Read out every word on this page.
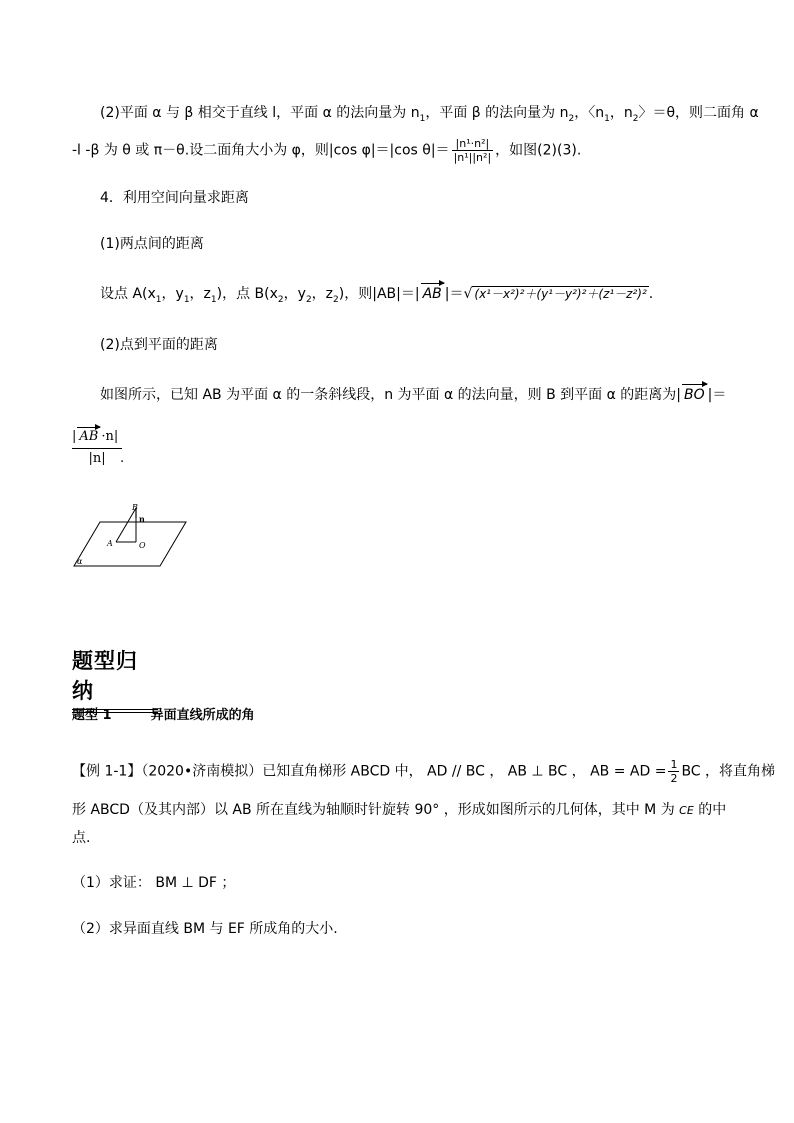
(2)平面 α 与 β 相交于直线 l，平面 α 的法向量为 $n_1$，平面 β 的法向量为 $n_2$，〈$n_1$，$n_2$〉＝θ，则二面角 α
-l -β 为 θ 或 π－θ.设二面角大小为 φ，则|cos φ|＝|cos $\theta|= \frac{\text{|n¹·n²|}}{\text{|n¹||n²|}}$ ，如图(2)(3).
4．利用空间向量求距离
(1)两点间的距离
设点 $A(x_1$，$y_1$，$z_1$)，点 $B(x_2$，$y_2$，$z_2$)，则|AB|＝| AB |＝√ (x¹－x²)²＋(y¹－y²)²＋(z¹－z²)² .
(2)点到平面的距离
如图所示，已知 AB 为平面 α 的一条斜线段，n 为平面 α 的法向量，则 B 到平面 α 的距离为| BO |＝
$\frac{| AB \cdot n|}{|n| .}$
B
n
A	O
α
题型归纳
题型 1	异面直线所成的角
【例 1-1】（2020•济南模拟）已知直角梯形 ABCD 中， AD // BC ， AB ⊥ BC ， AB = AD = $\frac{1}{2}$ BC ，将直角梯
形 ABCD（及其内部）以 AB 所在直线为轴顺时针旋转 90° ，形成如图所示的几何体，其中 M 为 CE 的中
点.
（1）求证： BM ⊥ DF ；
（2）求异面直线 BM 与 EF 所成角的大小.
